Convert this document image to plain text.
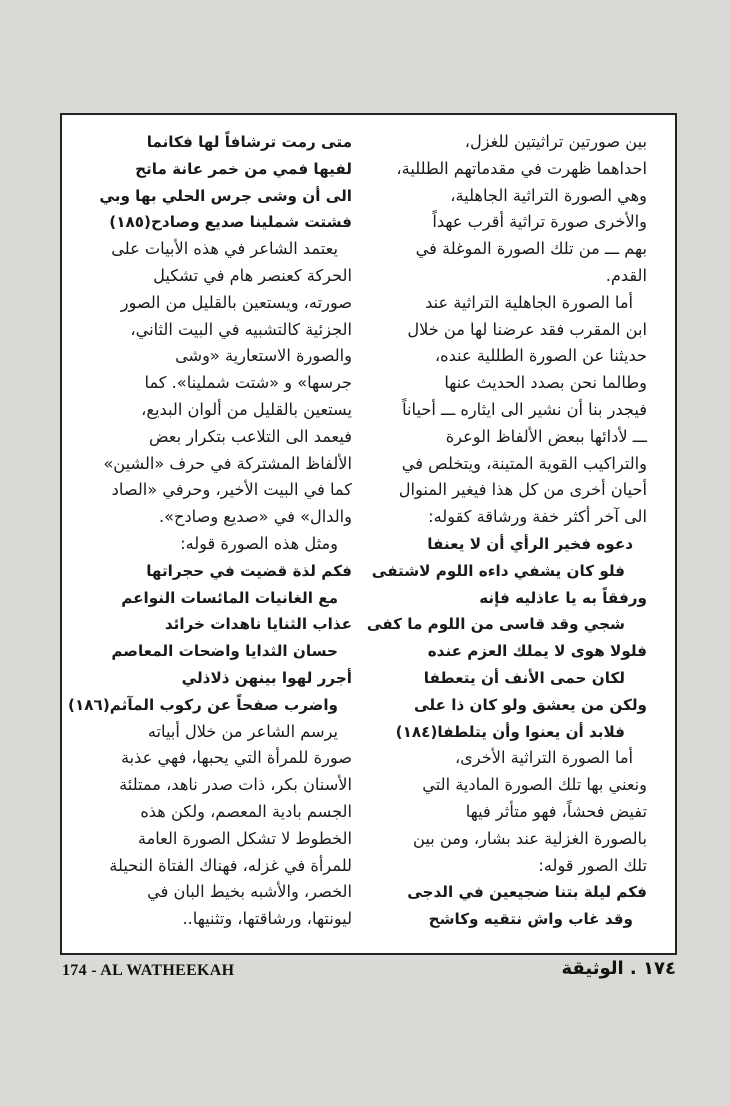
بين صورتين تراثيتين للغزل،
احداهما ظهرت في مقدماتهم الطللية،
وهي الصورة التراثية الجاهلية،
والأخرى صورة تراثية أقرب عهداً
بهم ـــ من تلك الصورة الموغلة في
القدم.
أما الصورة الجاهلية التراثية عند
ابن المقرب فقد عرضنا لها من خلال
حديثنا عن الصورة الطللية عنده،
وطالما نحن بصدد الحديث عنها
فيجدر بنا أن نشير الى ايثاره ـــ أحياناً
ـــ لأدائها ببعض الألفاظ الوعرة
والتراكيب القوية المتينة، ويتخلص في
أحيان أخرى من كل هذا فيغير المنوال
الى آخر أكثر خفة ورشاقة كقوله:
دعوه فخير الرأي أن لا يعنفا
فلو كان يشفي داءه اللوم لاشتفى
ورفقاً به يا عاذليه فإنه
شجي وقد قاسى من اللوم ما كفى
فلولا هوى لا يملك العزم عنده
لكان حمى الأنف أن يتعطفا
ولكن من يعشق ولو كان ذا على
فلابد أن يعنوا وأن يتلطفا(١٨٤)
أما الصورة التراثية الأخرى،
ونعني بها تلك الصورة المادية التي
تفيض فحشاً، فهو متأثر فيها
بالصورة الغزلية عند بشار، ومن بين
تلك الصور قوله:
فكم ليلة بتنا ضجيعين في الدجى
وقد غاب واش نتقيه وكاشح
متى رمت ترشافاً لها فكانما
لفيها فمي من خمر عانة ماتح
الى أن وشى جرس الحلي بها وبي
فشتت شملينا صديع وصادح(١٨٥)
يعتمد الشاعر في هذه الأبيات على
الحركة كعنصر هام في تشكيل
صورته، ويستعين بالقليل من الصور
الجزئية كالتشبيه في البيت الثاني،
والصورة الاستعارية «وشى
جرسها» و «شتت شملينا». كما
يستعين بالقليل من ألوان البديع،
فيعمد الى التلاعب بتكرار بعض
الألفاظ المشتركة في حرف «الشين»
كما في البيت الأخير، وحرفي «الصاد
والدال» في «صديع وصادح».
ومثل هذه الصورة قوله:
فكم لذة قضيت في حجراتها
مع الغانيات المائسات النواعم
عذاب الثنايا ناهدات خرائد
حسان الثدايا واضحات المعاصم
أجرر لهوا بينهن ذلاذلي
واضرب صفحاً عن ركوب المآثم(١٨٦)
يرسم الشاعر من خلال أبياته
صورة للمرأة التي يحبها، فهي عذبة
الأسنان بكر، ذات صدر ناهد، ممتلئة
الجسم بادية المعصم، ولكن هذه
الخطوط لا تشكل الصورة العامة
للمرأة في غزله، فهناك الفتاة النحيلة
الخصر، والأشبه بخيط البان في
ليونتها، ورشاقتها، وتثنيها..
174 - AL WATHEEKAH	١٧٤ . الوثيقة
